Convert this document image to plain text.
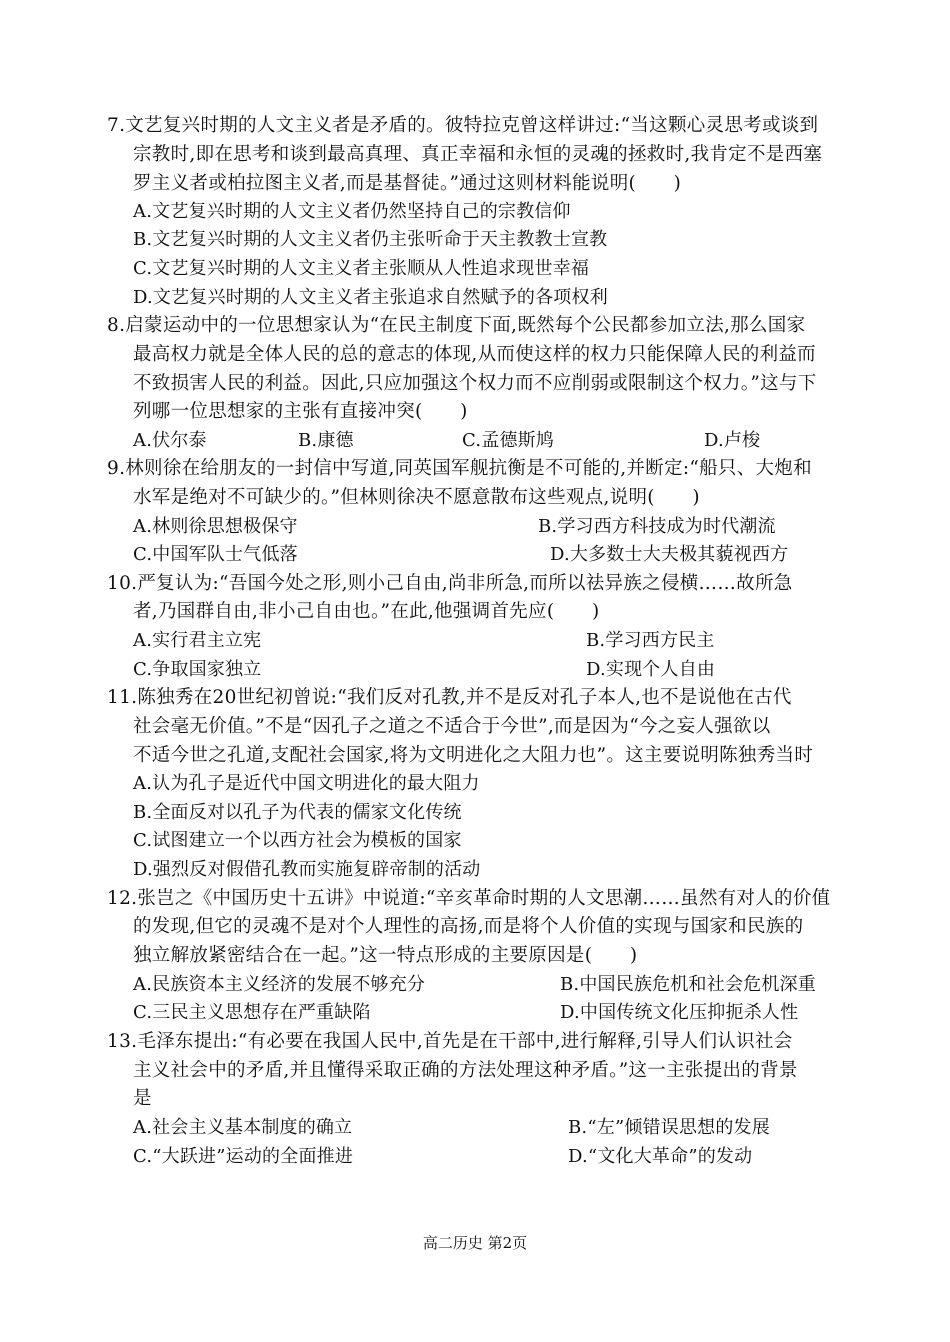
7.文艺复兴时期的人文主义者是矛盾的。彼特拉克曾这样讲过:“当这颗心灵思考或谈到
宗教时,即在思考和谈到最高真理、真正幸福和永恒的灵魂的拯救时,我肯定不是西塞
罗主义者或柏拉图主义者,而是基督徒。”通过这则材料能说明(　　)
A.文艺复兴时期的人文主义者仍然坚持自己的宗教信仰
B.文艺复兴时期的人文主义者仍主张听命于天主教教士宣教
C.文艺复兴时期的人文主义者主张顺从人性追求现世幸福
D.文艺复兴时期的人文主义者主张追求自然赋予的各项权利
8.启蒙运动中的一位思想家认为“在民主制度下面,既然每个公民都参加立法,那么国家
最高权力就是全体人民的总的意志的体现,从而使这样的权力只能保障人民的利益而
不致损害人民的利益。因此,只应加强这个权力而不应削弱或限制这个权力。”这与下
列哪一位思想家的主张有直接冲突(　　)
A.伏尔泰	B.康德	C.孟德斯鸠	D.卢梭
9.林则徐在给朋友的一封信中写道,同英国军舰抗衡是不可能的,并断定:“船只、大炮和
水军是绝对不可缺少的。”但林则徐决不愿意散布这些观点,说明(　　)
A.林则徐思想极保守	B.学习西方科技成为时代潮流
C.中国军队士气低落	D.大多数士大夫极其藐视西方
10.严复认为:“吾国今处之形,则小己自由,尚非所急,而所以祛异族之侵横……故所急
者,乃国群自由,非小己自由也。”在此,他强调首先应(　　)
A.实行君主立宪	B.学习西方民主
C.争取国家独立	D.实现个人自由
11.陈独秀在20世纪初曾说:“我们反对孔教,并不是反对孔子本人,也不是说他在古代
社会毫无价值。”不是“因孔子之道之不适合于今世”,而是因为“今之妄人强欲以
不适今世之孔道,支配社会国家,将为文明进化之大阻力也”。这主要说明陈独秀当时
A.认为孔子是近代中国文明进化的最大阻力
B.全面反对以孔子为代表的儒家文化传统
C.试图建立一个以西方社会为模板的国家
D.强烈反对假借孔教而实施复辟帝制的活动
12.张岂之《中国历史十五讲》中说道:“辛亥革命时期的人文思潮……虽然有对人的价值
的发现,但它的灵魂不是对个人理性的高扬,而是将个人价值的实现与国家和民族的
独立解放紧密结合在一起。”这一特点形成的主要原因是(　　)
A.民族资本主义经济的发展不够充分	B.中国民族危机和社会危机深重
C.三民主义思想存在严重缺陷	D.中国传统文化压抑扼杀人性
13.毛泽东提出:“有必要在我国人民中,首先是在干部中,进行解释,引导人们认识社会
主义社会中的矛盾,并且懂得采取正确的方法处理这种矛盾。”这一主张提出的背景
是
A.社会主义基本制度的确立	B.“左”倾错误思想的发展
C.“大跃进”运动的全面推进	D.“文化大革命”的发动
高二历史 第2页
